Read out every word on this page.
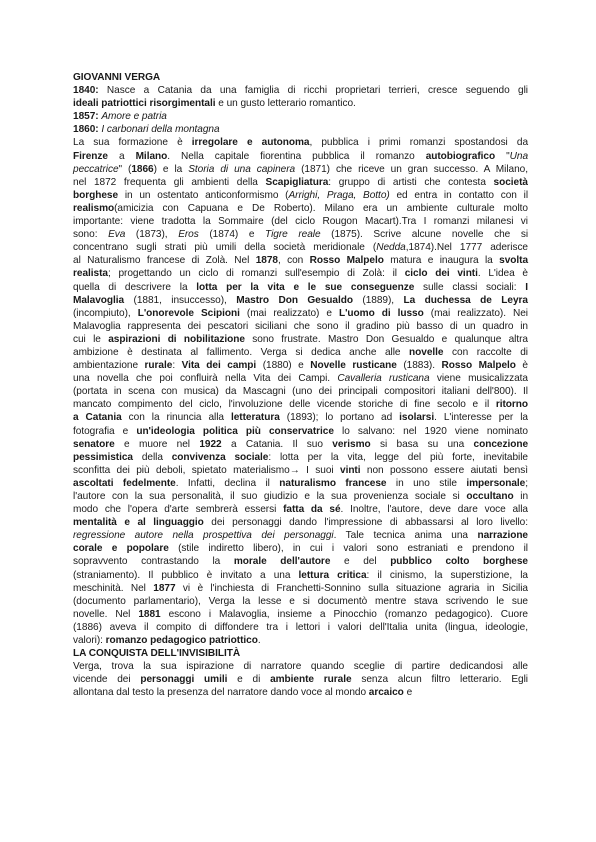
GIOVANNI VERGA
1840: Nasce a Catania da una famiglia di ricchi proprietari terrieri, cresce seguendo gli
ideali patriottici risorgimentali e un gusto letterario romantico.
1857: Amore e patria
1860: I carbonari della montagna
La sua formazione è irregolare e autonoma, pubblica i primi romanzi spostandosi da
Firenze a Milano. Nella capitale fiorentina pubblica il romanzo autobiografico "Una
peccatrice" (1866) e la Storia di una capinera (1871) che riceve un gran successo. A Milano,
nel 1872 frequenta gli ambienti della Scapigliatura: gruppo di artisti che contesta società
borghese in un ostentato anticonformismo (Arrighi, Praga, Botto) ed entra in contatto con il
realismo(amicizia con Capuana e De Roberto). Milano era un ambiente culturale molto
importante: viene tradotta la Sommaire (del ciclo Rougon Macart).Tra I romanzi milanesi vi
sono: Eva (1873), Eros (1874) e Tigre reale (1875). Scrive alcune novelle che si
concentrano sugli strati più umili della società meridionale (Nedda,1874).Nel 1777 aderisce
al Naturalismo francese di Zolà. Nel 1878, con Rosso Malpelo matura e inaugura la svolta
realista; progettando un ciclo di romanzi sull'esempio di Zolà: il ciclo dei vinti. L'idea è
quella di descrivere la lotta per la vita e le sue conseguenze sulle classi sociali: I
Malavoglia (1881, insuccesso), Mastro Don Gesualdo (1889), La duchessa de Leyra
(incompiuto), L'onorevole Scipioni (mai realizzato) e L'uomo di lusso (mai realizzato). Nei
Malavoglia rappresenta dei pescatori siciliani che sono il gradino più basso di un quadro in
cui le aspirazioni di nobilitazione sono frustrate. Mastro Don Gesualdo e qualunque altra
ambizione è destinata al fallimento. Verga si dedica anche alle novelle con raccolte di
ambientazione rurale: Vita dei campi (1880) e Novelle rusticane (1883). Rosso Malpelo è
una novella che poi confluirà nella Vita dei Campi. Cavalleria rusticana viene musicalizzata
(portata in scena con musica) da Mascagni (uno dei principali compositori italiani dell'800). Il
mancato compimento del ciclo, l'involuzione delle vicende storiche di fine secolo e il ritorno
a Catania con la rinuncia alla letteratura (1893); lo portano ad isolarsi. L'interesse per la
fotografia e un'ideologia politica più conservatrice lo salvano: nel 1920 viene nominato
senatore e muore nel 1922 a Catania. Il suo verismo si basa su una concezione
pessimistica della convivenza sociale: lotta per la vita, legge del più forte, inevitabile
sconfitta dei più deboli, spietato materialismo→ I suoi vinti non possono essere aiutati bensì
ascoltati fedelmente. Infatti, declina il naturalismo francese in uno stile impersonale;
l'autore con la sua personalità, il suo giudizio e la sua provenienza sociale si occultano in
modo che l'opera d'arte sembrerà essersi fatta da sé. Inoltre, l'autore, deve dare voce alla
mentalità e al linguaggio dei personaggi dando l'impressione di abbassarsi al loro livello:
regressione autore nella prospettiva dei personaggi. Tale tecnica anima una narrazione
corale e popolare (stile indiretto libero), in cui i valori sono estraniati e prendono il
sopravvento contrastando la morale dell'autore e del pubblico colto borghese
(straniamento). Il pubblico è invitato a una lettura critica: il cinismo, la superstizione, la
meschinità. Nel 1877 vi è l'inchiesta di Franchetti-Sonnino sulla situazione agraria in Sicilia
(documento parlamentario), Verga la lesse e si documentò mentre stava scrivendo le sue
novelle. Nel 1881 escono i Malavoglia, insieme a Pinocchio (romanzo pedagogico). Cuore
(1886) aveva il compito di diffondere tra i lettori i valori dell'Italia unita (lingua, ideologie,
valori): romanzo pedagogico patriottico.
LA CONQUISTA DELL'INVISIBILITÀ
Verga, trova la sua ispirazione di narratore quando sceglie di partire dedicandosi alle
vicende dei personaggi umili e di ambiente rurale senza alcun filtro letterario. Egli
allontana dal testo la presenza del narratore dando voce al mondo arcaico e
